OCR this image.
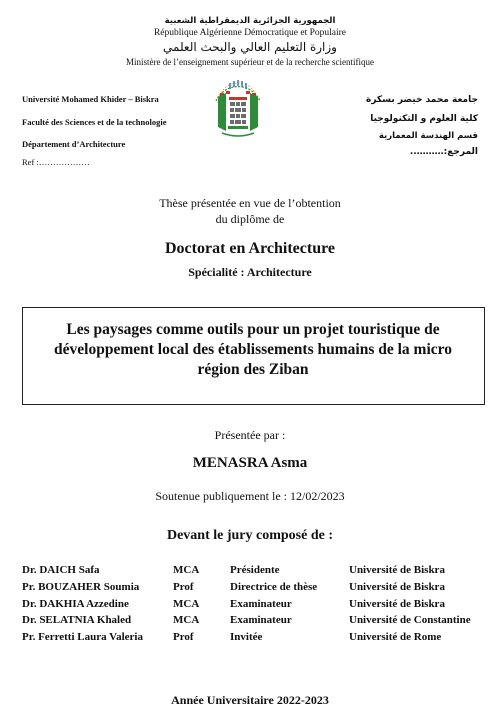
الجمهورية الجزائرية الديمقراطية الشعبية
République Algérienne Démocratique et Populaire
وزارة التعليم العالي والبحث العلمي
Ministère de l’enseignement supérieur et de la recherche scientifique
Université Mohamed Khider – Biskra
Faculté des Sciences et de la technologie
Département d’Architecture
Ref :………………
جامعة محمد خيضر بسكرة
كلية العلوم و التكنولوجيا
قسم الهندسة المعمارية
المرجع:………..
Thèse présentée en vue de l’obtention
du diplôme de
Doctorat en Architecture
Spécialité : Architecture
Les paysages comme outils pour un projet touristique de
développement local des établissements humains de la micro
région des Ziban
Présentée par :
MENASRA Asma
Soutenue publiquement le : 12/02/2023
Devant le jury composé de :
Dr. DAICH Safa	MCA	Présidente	Université de Biskra
Pr. BOUZAHER Soumia	Prof	Directrice de thèse	Université de Biskra
Dr. DAKHIA Azzedine	MCA	Examinateur	Université de Biskra
Dr. SELATNIA Khaled	MCA	Examinateur	Université de Constantine
Pr. Ferretti Laura Valeria	Prof	Invitée	Université de Rome
Année Universitaire 2022-2023
